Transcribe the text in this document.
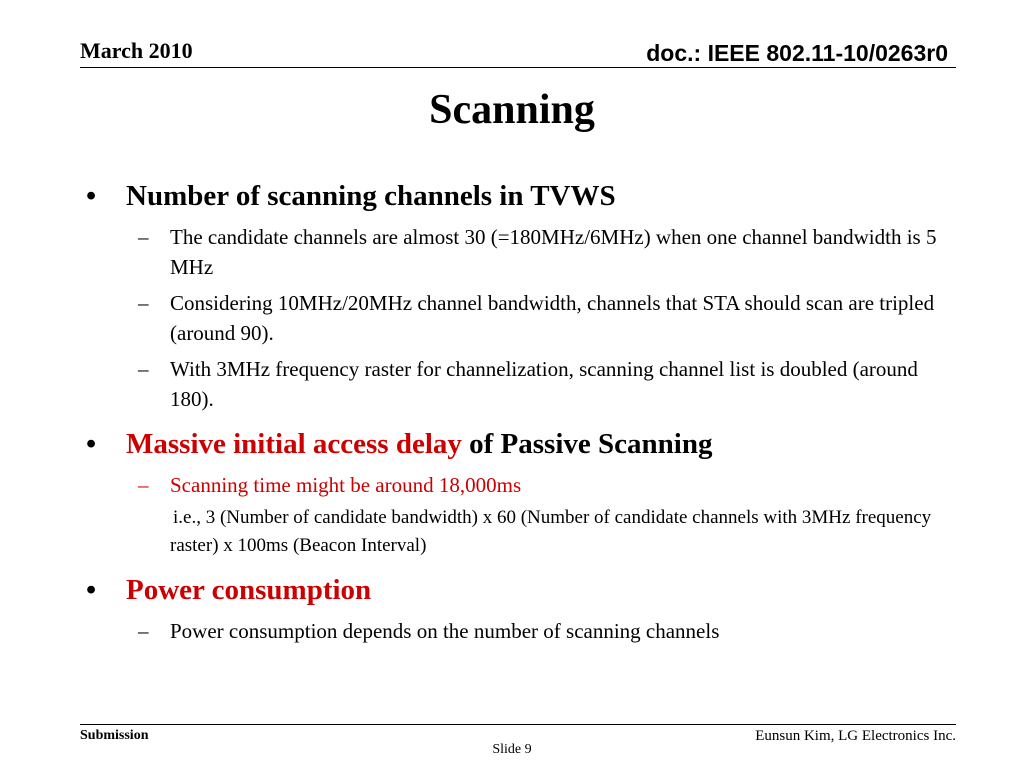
March 2010	doc.: IEEE 802.11-10/0263r0
Scanning
• Number of scanning channels in TVWS
– The candidate channels are almost 30 (=180MHz/6MHz) when one channel bandwidth is 5 MHz
– Considering 10MHz/20MHz channel bandwidth, channels that STA should scan are tripled (around 90).
– With 3MHz frequency raster for channelization, scanning channel list is doubled (around 180).
• Massive initial access delay of Passive Scanning
– Scanning time might be around 18,000ms
i.e., 3 (Number of candidate bandwidth) x 60 (Number of candidate channels with 3MHz frequency raster) x 100ms (Beacon Interval)
• Power consumption
– Power consumption depends on the number of scanning channels
Submission	Eunsun Kim, LG Electronics Inc.
Slide 9
